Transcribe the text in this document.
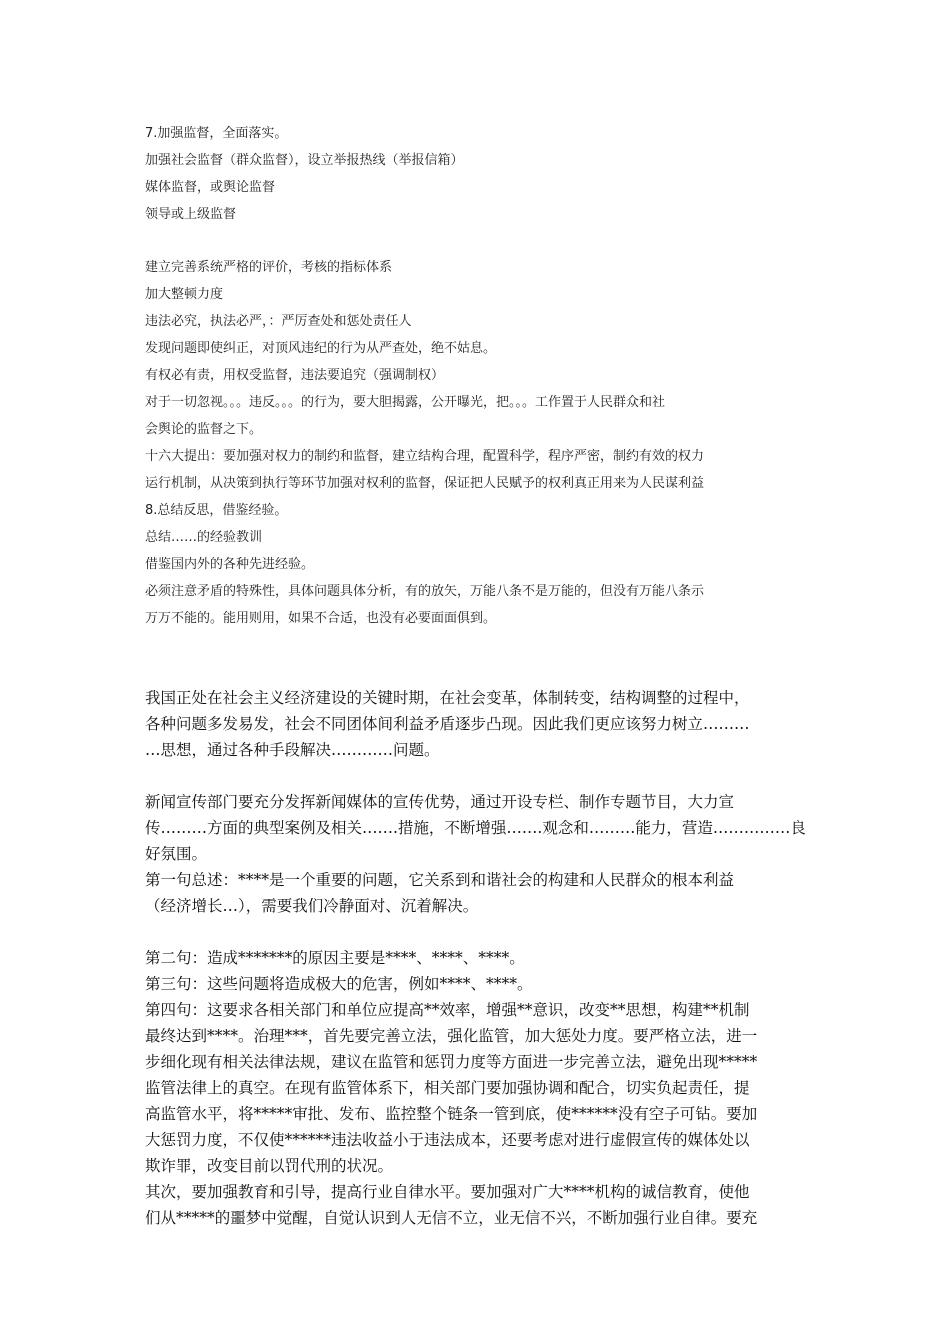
7.加强监督，全面落实。
加强社会监督（群众监督），设立举报热线（举报信箱）
媒体监督，或舆论监督
领导或上级监督
建立完善系统严格的评价，考核的指标体系
加大整顿力度
违法必究，执法必严，：严厉查处和惩处责任人
发现问题即使纠正，对顶风违纪的行为从严查处，绝不姑息。
有权必有责，用权受监督，违法要追究（强调制权）
对于一切忽视。。。违反。。。的行为，要大胆揭露，公开曝光，把。。。工作置于人民群众和社
会舆论的监督之下。
十六大提出：要加强对权力的制约和监督，建立结构合理，配置科学，程序严密，制约有效的权力
运行机制，从决策到执行等环节加强对权利的监督，保证把人民赋予的权利真正用来为人民谋利益
8.总结反思，借鉴经验。
总结……的经验教训
借鉴国内外的各种先进经验。
必须注意矛盾的特殊性，具体问题具体分析，有的放矢，万能八条不是万能的，但没有万能八条示
万万不能的。能用则用，如果不合适，也没有必要面面俱到。
我国正处在社会主义经济建设的关键时期，在社会变革，体制转变，结构调整的过程中，
各种问题多发易发，社会不同团体间利益矛盾逐步凸现。因此我们更应该努力树立………
…思想，通过各种手段解决…………问题。
新闻宣传部门要充分发挥新闻媒体的宣传优势，通过开设专栏、制作专题节目，大力宣
传………方面的典型案例及相关…….措施，不断增强…….观念和………能力，营造……………良
好氛围。
第一句总述：****是一个重要的问题，它关系到和谐社会的构建和人民群众的根本利益
（经济增长…），需要我们冷静面对、沉着解决。
第二句：造成*******的原因主要是****、****、****。
第三句：这些问题将造成极大的危害，例如****、****。
第四句：这要求各相关部门和单位应提高**效率，增强**意识，改变**思想，构建**机制
最终达到****。治理***，首先要完善立法，强化监管，加大惩处力度。要严格立法，进一
步细化现有相关法律法规，建议在监管和惩罚力度等方面进一步完善立法，避免出现*****
监管法律上的真空。在现有监管体系下，相关部门要加强协调和配合，切实负起责任，提
高监管水平，将*****审批、发布、监控整个链条一管到底，使******没有空子可钻。要加
大惩罚力度，不仅使******违法收益小于违法成本，还要考虑对进行虚假宣传的媒体处以
欺诈罪，改变目前以罚代刑的状况。
其次，要加强教育和引导，提高行业自律水平。要加强对广大****机构的诚信教育，使他
们从*****的噩梦中觉醒，自觉认识到人无信不立，业无信不兴，不断加强行业自律。要充
